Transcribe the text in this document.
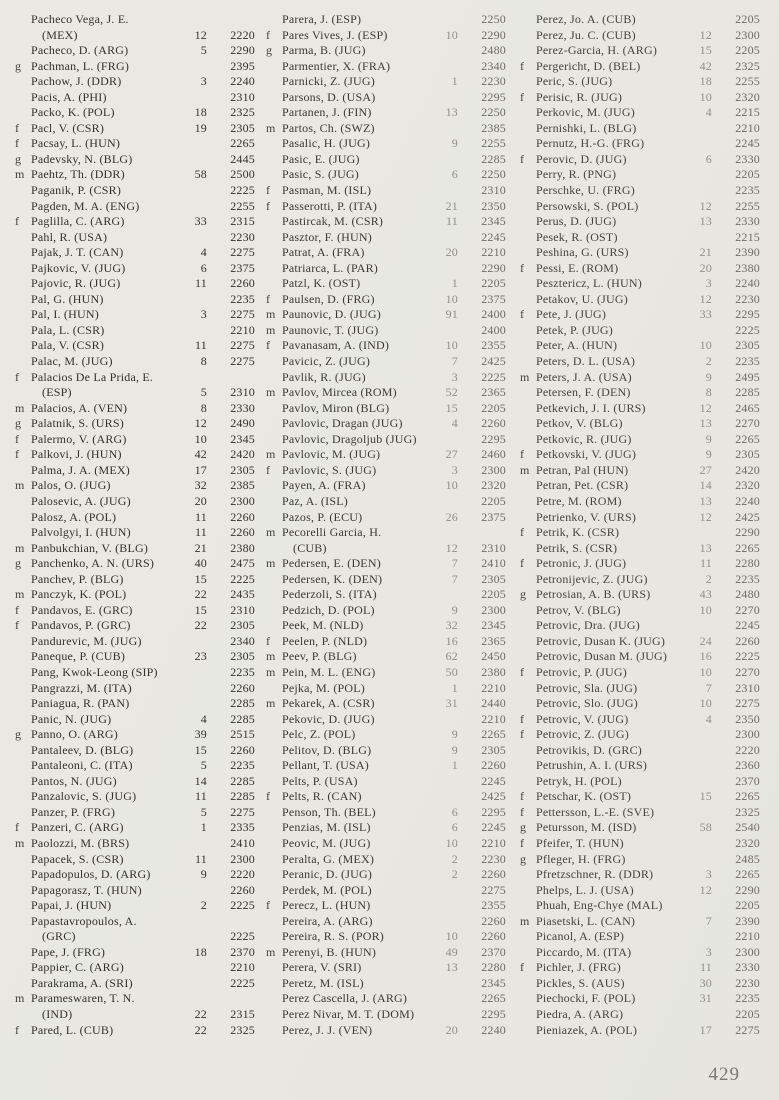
Pacheco Vega, J. E.
(MEX)	12	2220
Pacheco, D. (ARG)	5	2290
g Pachman, L. (FRG)	2395
Pachow, J. (DDR)	3	2240
Pacis, A. (PHI)	2310
Packo, K. (POL)	18	2325
f Pacl, V. (CSR)	19	2305
f Pacsay, L. (HUN)	2265
g Padevsky, N. (BLG)	2445
m Paehtz, Th. (DDR)	58	2500
Paganik, P. (CSR)	2225
Pagden, M. A. (ENG)	2255
f Paglilla, C. (ARG)	33	2315
Pahl, R. (USA)	2230
Pajak, J. T. (CAN)	4	2275
Pajkovic, V. (JUG)	6	2375
Pajovic, R. (JUG)	11	2260
Pal, G. (HUN)	2235
Pal, I. (HUN)	3	2275
Pala, L. (CSR)	2210
Pala, V. (CSR)	11	2275
Palac, M. (JUG)	8	2275
f Palacios De La Prida, E.
(ESP)	5	2310
m Palacios, A. (VEN)	8	2330
g Palatnik, S. (URS)	12	2490
f Palermo, V. (ARG)	10	2345
f Palkovi, J. (HUN)	42	2420
Palma, J. A. (MEX)	17	2305
m Palos, O. (JUG)	32	2385
Palosevic, A. (JUG)	20	2300
Palosz, A. (POL)	11	2260
Palvolgyi, I. (HUN)	11	2260
m Panbukchian, V. (BLG)	21	2380
g Panchenko, A. N. (URS)	40	2475
Panchev, P. (BLG)	15	2225
m Panczyk, K. (POL)	22	2435
f Pandavos, E. (GRC)	15	2310
f Pandavos, P. (GRC)	22	2305
Pandurevic, M. (JUG)	2340
Paneque, P. (CUB)	23	2305
Pang, Kwok-Leong (SIP)	2235
Pangrazzi, M. (ITA)	2260
Paniagua, R. (PAN)	2285
Panic, N. (JUG)	4	2285
g Panno, O. (ARG)	39	2515
Pantaleev, D. (BLG)	15	2260
Pantaleoni, C. (ITA)	5	2235
Pantos, N. (JUG)	14	2285
Panzalovic, S. (JUG)	11	2285
Panzer, P. (FRG)	5	2275
f Panzeri, C. (ARG)	1	2335
m Paolozzi, M. (BRS)	2410
Papacek, S. (CSR)	11	2300
Papadopulos, D. (ARG)	9	2220
Papagorasz, T. (HUN)	2260
Papai, J. (HUN)	2	2225
Papastavropoulos, A.
(GRC)	2225
Pape, J. (FRG)	18	2370
Pappier, C. (ARG)	2210
Parakrama, A. (SRI)	2225
m Parameswaren, T. N.
(IND)	22	2315
f Pared, L. (CUB)	22	2325
Parera, J. (ESP)	2250
f Pares Vives, J. (ESP)	10	2290
g Parma, B. (JUG)	2480
Parmentier, X. (FRA)	2340
Parnicki, Z. (JUG)	1	2230
Parsons, D. (USA)	2295
Partanen, J. (FIN)	13	2250
m Partos, Ch. (SWZ)	2385
Pasalic, H. (JUG)	9	2255
Pasic, E. (JUG)	2285
Pasic, S. (JUG)	6	2250
f Pasman, M. (ISL)	2310
f Passerotti, P. (ITA)	21	2350
Pastircak, M. (CSR)	11	2345
Pasztor, F. (HUN)	2245
Patrat, A. (FRA)	20	2210
Patriarca, L. (PAR)	2290
Patzl, K. (OST)	1	2205
f Paulsen, D. (FRG)	10	2375
m Paunovic, D. (JUG)	91	2400
m Paunovic, T. (JUG)	2400
f Pavanasam, A. (IND)	10	2355
Pavicic, Z. (JUG)	7	2425
Pavlik, R. (JUG)	3	2225
m Pavlov, Mircea (ROM)	52	2365
Pavlov, Miron (BLG)	15	2205
Pavlovic, Dragan (JUG)	4	2260
Pavlovic, Dragoljub (JUG)	2295
m Pavlovic, M. (JUG)	27	2460
f Pavlovic, S. (JUG)	3	2300
Payen, A. (FRA)	10	2320
Paz, A. (ISL)	2205
Pazos, P. (ECU)	26	2375
m Pecorelli Garcia, H.
(CUB)	12	2310
m Pedersen, E. (DEN)	7	2410
Pedersen, K. (DEN)	7	2305
Pederzoli, S. (ITA)	2205
Pedzich, D. (POL)	9	2300
Peek, M. (NLD)	32	2345
f Peelen, P. (NLD)	16	2365
m Peev, P. (BLG)	62	2450
m Pein, M. L. (ENG)	50	2380
Pejka, M. (POL)	1	2210
m Pekarek, A. (CSR)	31	2440
Pekovic, D. (JUG)	2210
Pelc, Z. (POL)	9	2265
Pelitov, D. (BLG)	9	2305
Pellant, T. (USA)	1	2260
Pelts, P. (USA)	2245
f Pelts, R. (CAN)	2425
Penson, Th. (BEL)	6	2295
Penzias, M. (ISL)	6	2245
Peovic, M. (JUG)	10	2210
Peralta, G. (MEX)	2	2230
Peranic, D. (JUG)	2	2260
Perdek, M. (POL)	2275
f Perecz, L. (HUN)	2355
Pereira, A. (ARG)	2260
Pereira, R. S. (POR)	10	2260
m Perenyi, B. (HUN)	49	2370
Perera, V. (SRI)	13	2280
Peretz, M. (ISL)	2345
Perez Cascella, J. (ARG)	2265
Perez Nivar, M. T. (DOM)	2295
Perez, J. J. (VEN)	20	2240
Perez, Jo. A. (CUB)	2205
Perez, Ju. C. (CUB)	12	2300
Perez-Garcia, H. (ARG)	15	2205
f Pergericht, D. (BEL)	42	2325
Peric, S. (JUG)	18	2255
f Perisic, R. (JUG)	10	2320
Perkovic, M. (JUG)	4	2215
Pernishki, L. (BLG)	2210
Pernutz, H.-G. (FRG)	2245
f Perovic, D. (JUG)	6	2330
Perry, R. (PNG)	2205
Perschke, U. (FRG)	2235
Persowski, S. (POL)	12	2255
Perus, D. (JUG)	13	2330
Pesek, R. (OST)	2215
Peshina, G. (URS)	21	2390
f Pessi, E. (ROM)	20	2380
Pesztericz, L. (HUN)	3	2240
Petakov, U. (JUG)	12	2230
f Pete, J. (JUG)	33	2295
Petek, P. (JUG)	2225
Peter, A. (HUN)	10	2305
Peters, D. L. (USA)	2	2235
m Peters, J. A. (USA)	9	2495
Petersen, F. (DEN)	8	2285
Petkevich, J. I. (URS)	12	2465
Petkov, V. (BLG)	13	2270
Petkovic, R. (JUG)	9	2265
f Petkovski, V. (JUG)	9	2305
m Petran, Pal (HUN)	27	2420
Petran, Pet. (CSR)	14	2320
Petre, M. (ROM)	13	2240
Petrienko, V. (URS)	12	2425
f Petrik, K. (CSR)	2290
Petrik, S. (CSR)	13	2265
f Petronic, J. (JUG)	11	2280
Petronijevic, Z. (JUG)	2	2235
g Petrosian, A. B. (URS)	43	2480
Petrov, V. (BLG)	10	2270
Petrovic, Dra. (JUG)	2245
Petrovic, Dusan K. (JUG)	24	2260
Petrovic, Dusan M. (JUG)	16	2225
f Petrovic, P. (JUG)	10	2270
Petrovic, Sla. (JUG)	7	2310
Petrovic, Slo. (JUG)	10	2275
f Petrovic, V. (JUG)	4	2350
f Petrovic, Z. (JUG)	2300
Petrovikis, D. (GRC)	2220
Petrushin, A. I. (URS)	2360
Petryk, H. (POL)	2370
f Petschar, K. (OST)	15	2265
f Pettersson, L.-E. (SVE)	2325
g Petursson, M. (ISD)	58	2540
f Pfeifer, T. (HUN)	2320
g Pfleger, H. (FRG)	2485
Pfretzschner, R. (DDR)	3	2265
Phelps, L. J. (USA)	12	2290
Phuah, Eng-Chye (MAL)	2205
m Piasetski, L. (CAN)	7	2390
Picanol, A. (ESP)	2210
Piccardo, M. (ITA)	3	2300
f Pichler, J. (FRG)	11	2330
Pickles, S. (AUS)	30	2230
Piechocki, F. (POL)	31	2235
Piedra, A. (ARG)	2205
Pieniazek, A. (POL)	17	2275
429
